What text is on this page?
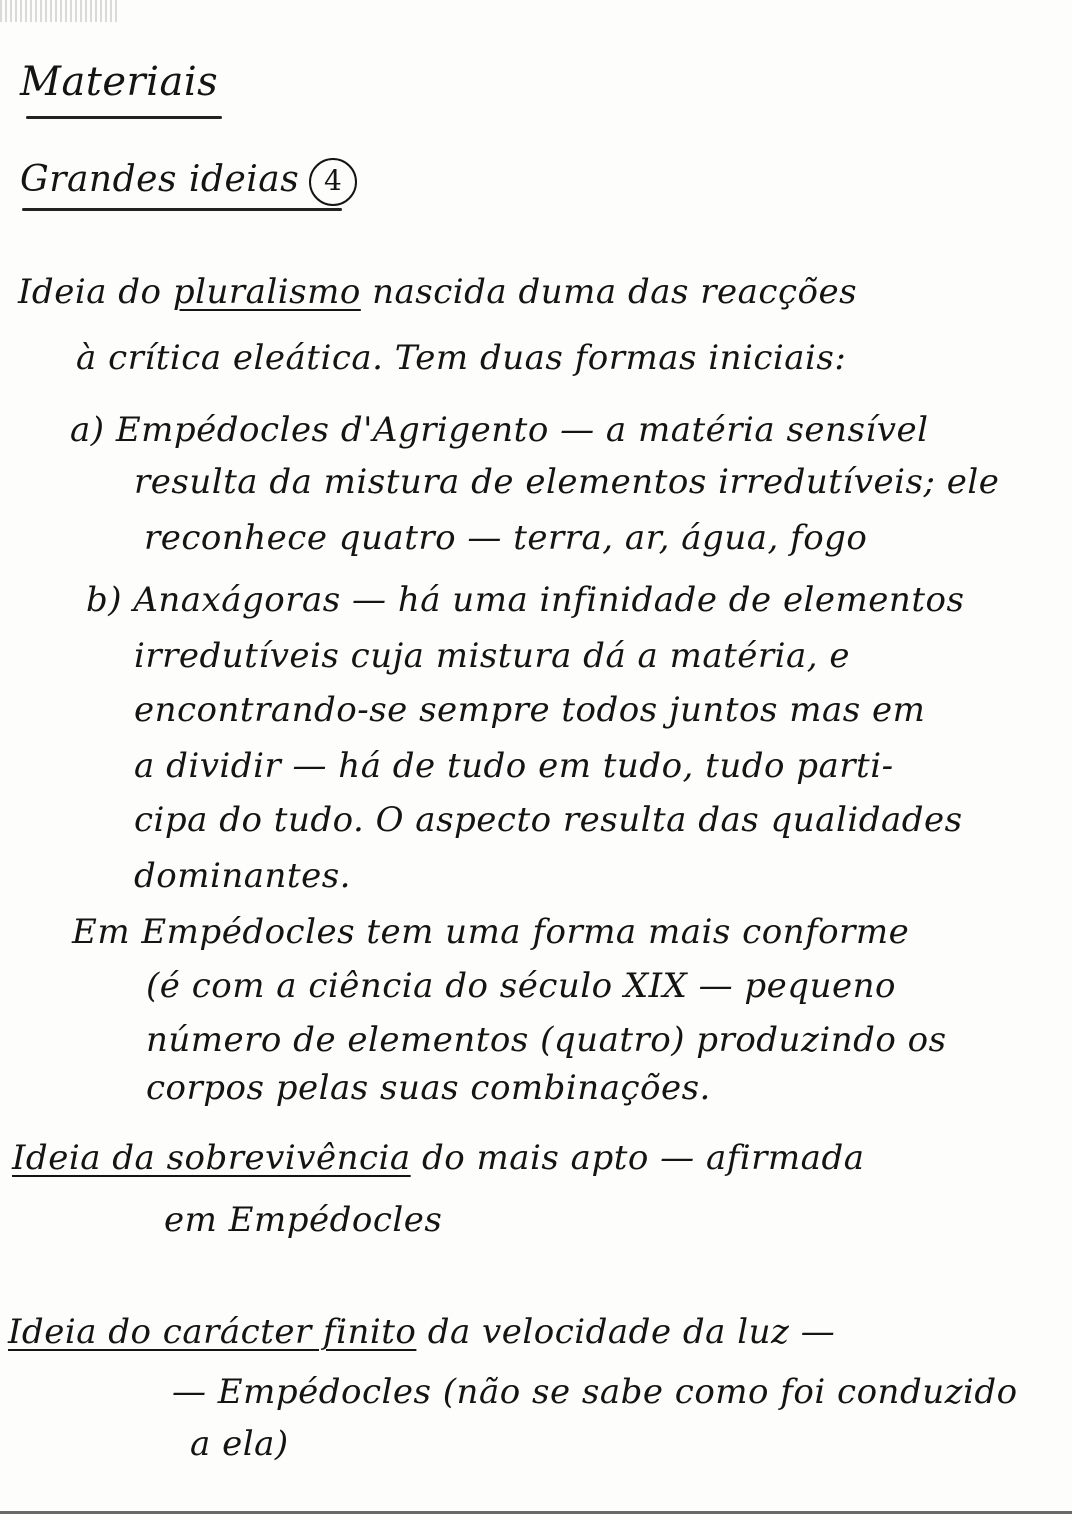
Materiais
Grandes ideias 4
Ideia do pluralismo nascida duma das reacções
à crítica eleática. Tem duas formas iniciais:
a) Empédocles d'Agrigento — a matéria sensível
resulta da mistura de elementos irredutíveis; ele
reconhece quatro — terra, ar, água, fogo
b) Anaxágoras — há uma infinidade de elementos
irredutíveis cuja mistura dá a matéria, e
encontrando-se sempre todos juntos mas em
a dividir — há de tudo em tudo, tudo parti-
cipa do tudo. O aspecto resulta das qualidades
dominantes.
Em Empédocles tem uma forma mais conforme
(é com a ciência do século XIX — pequeno
número de elementos (quatro) produzindo os
corpos pelas suas combinações.
Ideia da sobrevivência do mais apto — afirmada
em Empédocles
Ideia do carácter finito da velocidade da luz —
— Empédocles (não se sabe como foi conduzido
a ela)
